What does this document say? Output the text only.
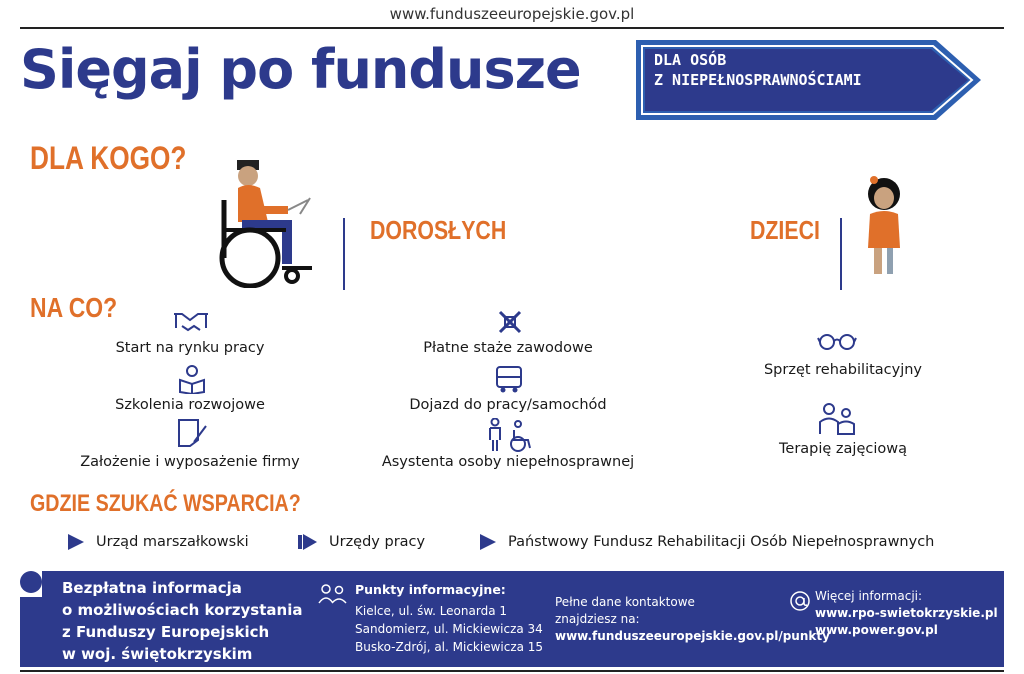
www.funduszeeuropejskie.gov.pl
Sięgaj po fundusze	DLA OSÓB
Z NIEPEŁNOSPRAWNOŚCIAMI
DLA KOGO?
DOROSŁYCH	DZIECI
NA CO?
Start na rynku pracy
Szkolenia rozwojowe
Założenie i wyposażenie firmy
Płatne staże zawodowe
Dojazd do pracy/samochód
Asystenta osoby niepełnosprawnej
Sprzęt rehabilitacyjny
Terapię zajęciową
GDZIE SZUKAĆ WSPARCIA?
Urząd marszałkowski	Urzędy pracy	Państwowy Fundusz Rehabilitacji Osób Niepełnosprawnych
Bezpłatna informacja
o możliwościach korzystania
z Funduszy Europejskich
w woj. świętokrzyskim
Punkty informacyjne:
Kielce, ul. św. Leonarda 1
Sandomierz, ul. Mickiewicza 34
Busko-Zdrój, al. Mickiewicza 15
Pełne dane kontaktowe
znajdziesz na:
www.funduszeeuropejskie.gov.pl/punkty
Więcej informacji:
www.rpo-swietokrzyskie.pl
www.power.gov.pl
